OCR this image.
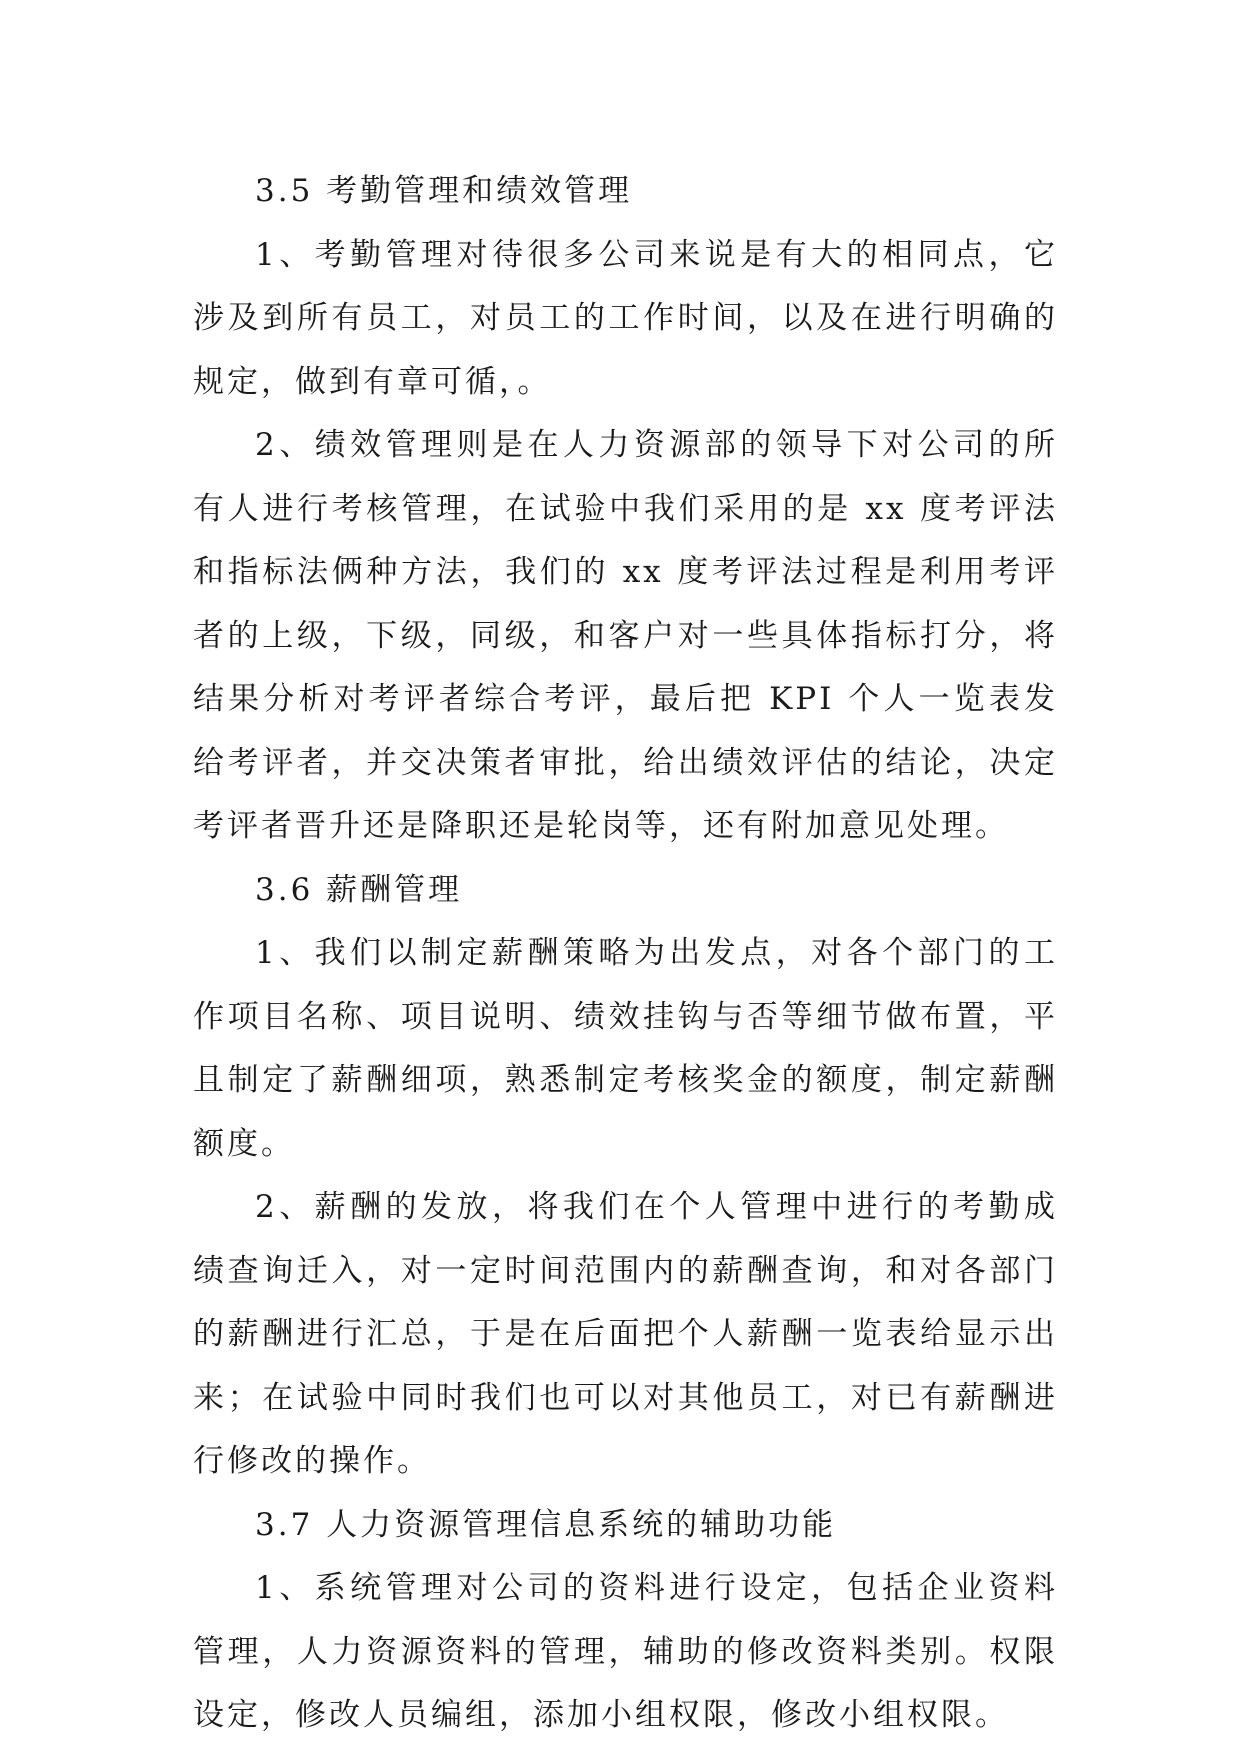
3.5 考勤管理和绩效管理

1、考勤管理对待很多公司来说是有大的相同点，它涉及到所有员工，对员工的工作时间，以及在进行明确的规定，做到有章可循，。

2、绩效管理则是在人力资源部的领导下对公司的所有人进行考核管理，在试验中我们采用的是 xx 度考评法和指标法俩种方法，我们的 xx 度考评法过程是利用考评者的上级，下级，同级，和客户对一些具体指标打分，将结果分析对考评者综合考评，最后把 KPI 个人一览表发给考评者，并交决策者审批，给出绩效评估的结论，决定考评者晋升还是降职还是轮岗等，还有附加意见处理。

3.6 薪酬管理

1、我们以制定薪酬策略为出发点，对各个部门的工作项目名称、项目说明、绩效挂钩与否等细节做布置，平且制定了薪酬细项，熟悉制定考核奖金的额度，制定薪酬额度。

2、薪酬的发放，将我们在个人管理中进行的考勤成绩查询迁入，对一定时间范围内的薪酬查询，和对各部门的薪酬进行汇总，于是在后面把个人薪酬一览表给显示出来；在试验中同时我们也可以对其他员工，对已有薪酬进行修改的操作。

3.7 人力资源管理信息系统的辅助功能

1、系统管理对公司的资料进行设定，包括企业资料管理，人力资源资料的管理，辅助的修改资料类别。权限设定，修改人员编组，添加小组权限，修改小组权限。
